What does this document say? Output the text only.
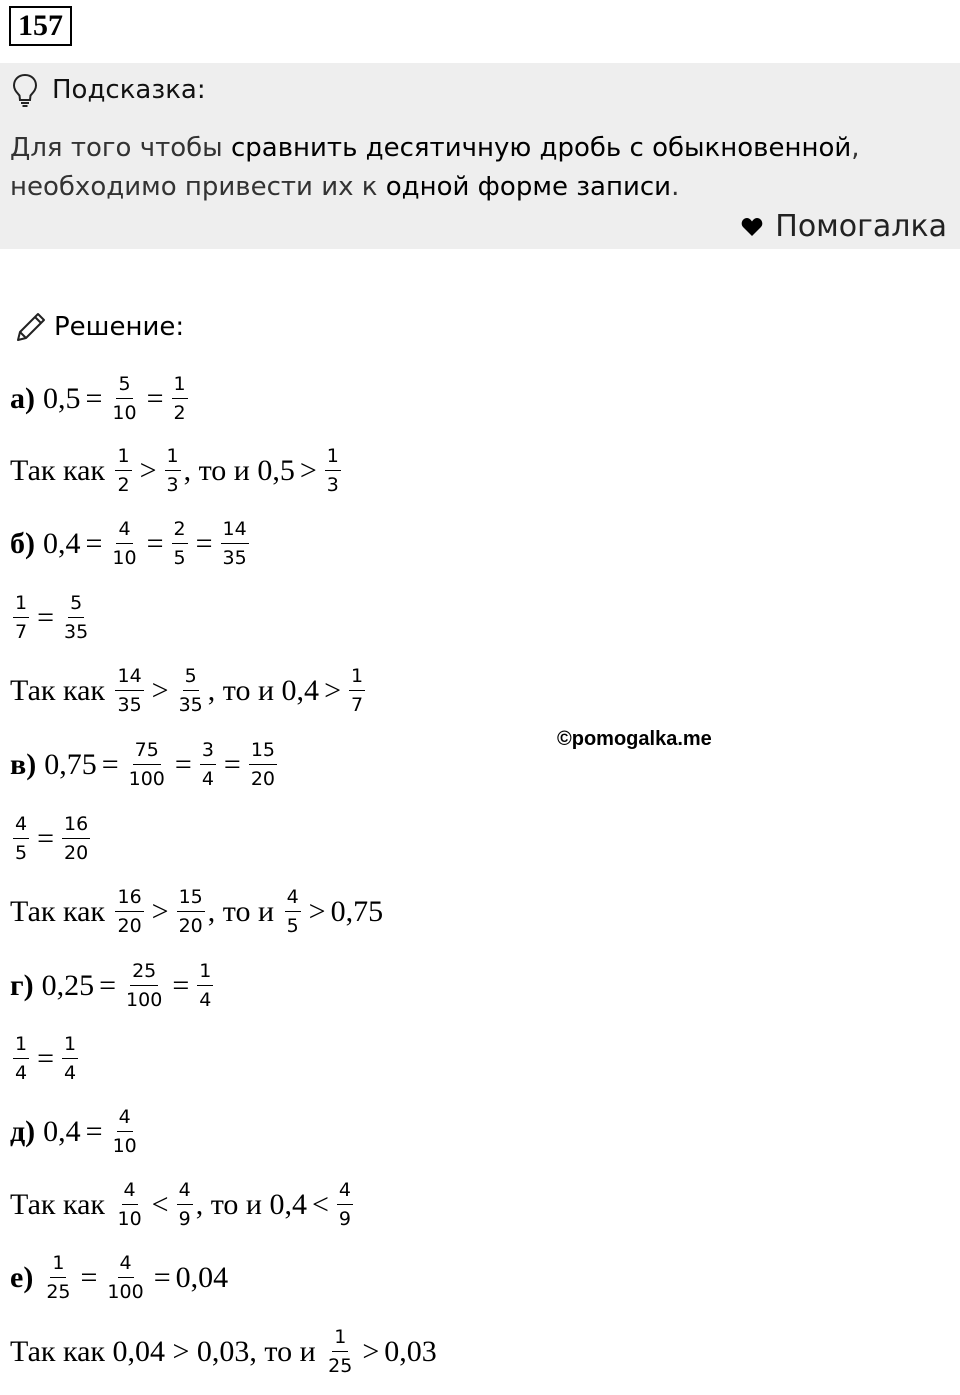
157
Подсказка:
Для того чтобы сравнить десятичную дробь с обыкновенной,
необходимо привести их к одной форме записи.
Помогалка
Решение:
©pomogalka.me
а) $0,5 = \frac{5}{10} = \frac{1}{2}$
Так как
$\frac{1}{2} > \frac{1}{3}$ , то и $0,5 > \frac{1}{3}$
б) $0,4 = \frac{4}{10} = \frac{2}{5} = \frac{14}{35}$
$\frac{1}{7} = \frac{5}{35}$
Так как
$\frac{14}{35} > \frac{5}{35}$ , то и $0,4 > \frac{1}{7}$
в) $0,75 = \frac{75}{100} = \frac{3}{4} = \frac{15}{20}$
$\frac{4}{5} = \frac{16}{20}$
Так как
$\frac{16}{20} > \frac{15}{20}$ , то и
$\frac{4}{5} > 0,75$
г) $0,25 = \frac{25}{100} = \frac{1}{4}$
$\frac{1}{4} = \frac{1}{4}$
д) $0,4 = \frac{4}{10}$
Так как
$\frac{4}{10} < \frac{4}{9}$ , то и $0,4 < \frac{4}{9}$
$е) \frac{1}{25} = \frac{4}{100} = 0,04$
Так как 0,04 > 0,03, то и
$\frac{1}{25} > 0,03$
